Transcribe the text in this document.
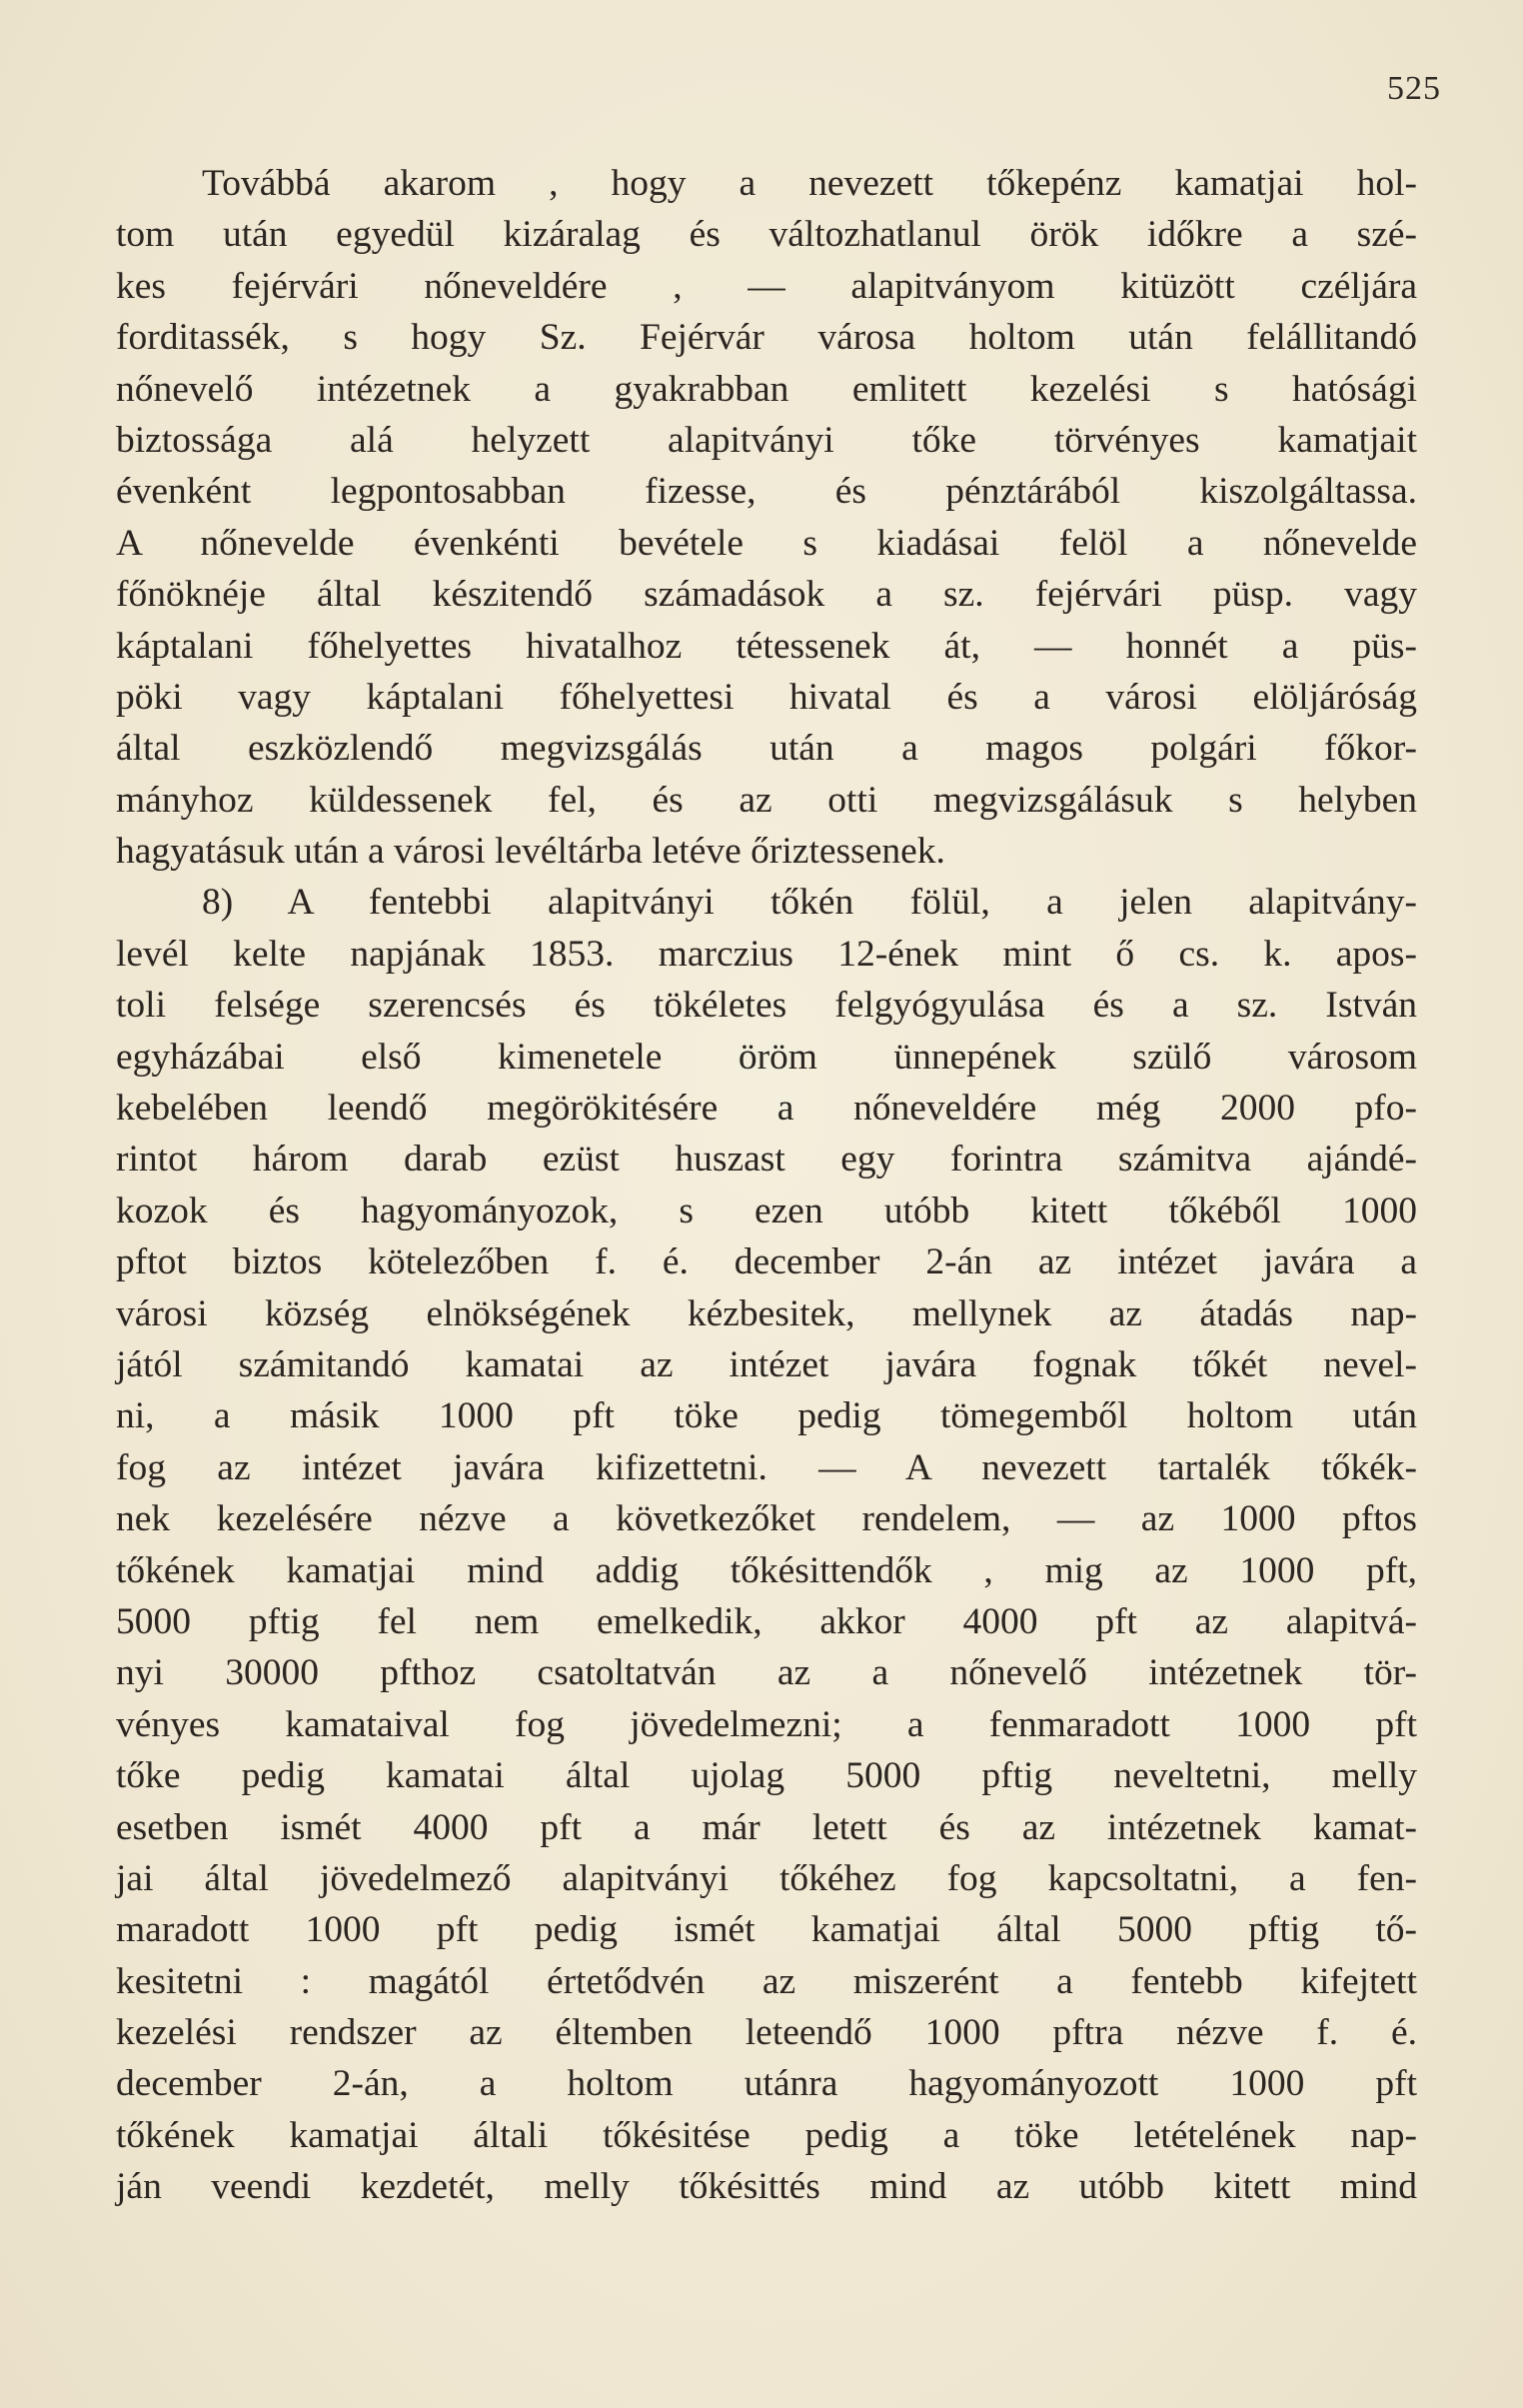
525
Továbbá akarom , hogy a nevezett tőkepénz kamatjai hol-
tom után egyedül kizáralag és változhatlanul örök időkre a szé-
kes fejérvári nőneveldére , — alapitványom kitüzött czéljára
forditassék, s hogy Sz. Fejérvár városa holtom után felállitandó
nőnevelő intézetnek a gyakrabban emlitett kezelési s hatósági
biztossága alá helyzett alapitványi tőke törvényes kamatjait
évenként legpontosabban fizesse, és pénztárából kiszolgáltassa.
A nőnevelde évenkénti bevétele s kiadásai felöl a nőnevelde
főnöknéje által készitendő számadások a sz. fejérvári püsp. vagy
káptalani főhelyettes hivatalhoz tétessenek át, — honnét a püs-
pöki vagy káptalani főhelyettesi hivatal és a városi elöljáróság
által eszközlendő megvizsgálás után a magos polgári főkor-
mányhoz küldessenek fel, és az otti megvizsgálásuk s helyben
hagyatásuk után a városi levéltárba letéve őriztessenek.
8) A fentebbi alapitványi tőkén fölül, a jelen alapitvány-
levél kelte napjának 1853. marczius 12-ének mint ő cs. k. apos-
toli felsége szerencsés és tökéletes felgyógyulása és a sz. István
egyházábai első kimenetele öröm ünnepének szülő városom
kebelében leendő megörökitésére a nőneveldére még 2000 pfo-
rintot három darab ezüst huszast egy forintra számitva ajándé-
kozok és hagyományozok, s ezen utóbb kitett tőkéből 1000
pftot biztos kötelezőben f. é. december 2-án az intézet javára a
városi község elnökségének kézbesitek, mellynek az átadás nap-
jától számitandó kamatai az intézet javára fognak tőkét nevel-
ni, a másik 1000 pft töke pedig tömegemből holtom után
fog az intézet javára kifizettetni. — A nevezett tartalék tőkék-
nek kezelésére nézve a következőket rendelem, — az 1000 pftos
tőkének kamatjai mind addig tőkésittendők , mig az 1000 pft,
5000 pftig fel nem emelkedik, akkor 4000 pft az alapitvá-
nyi 30000 pfthoz csatoltatván az a nőnevelő intézetnek tör-
vényes kamataival fog jövedelmezni; a fenmaradott 1000 pft
tőke pedig kamatai által ujolag 5000 pftig neveltetni, melly
esetben ismét 4000 pft a már letett és az intézetnek kamat-
jai által jövedelmező alapitványi tőkéhez fog kapcsoltatni, a fen-
maradott 1000 pft pedig ismét kamatjai által 5000 pftig tő-
kesitetni : magától értetődvén az miszerént a fentebb kifejtett
kezelési rendszer az éltemben leteendő 1000 pftra nézve f. é.
december 2-án, a holtom utánra hagyományozott 1000 pft
tőkének kamatjai általi tőkésitése pedig a töke letételének nap-
ján veendi kezdetét, melly tőkésittés mind az utóbb kitett mind
